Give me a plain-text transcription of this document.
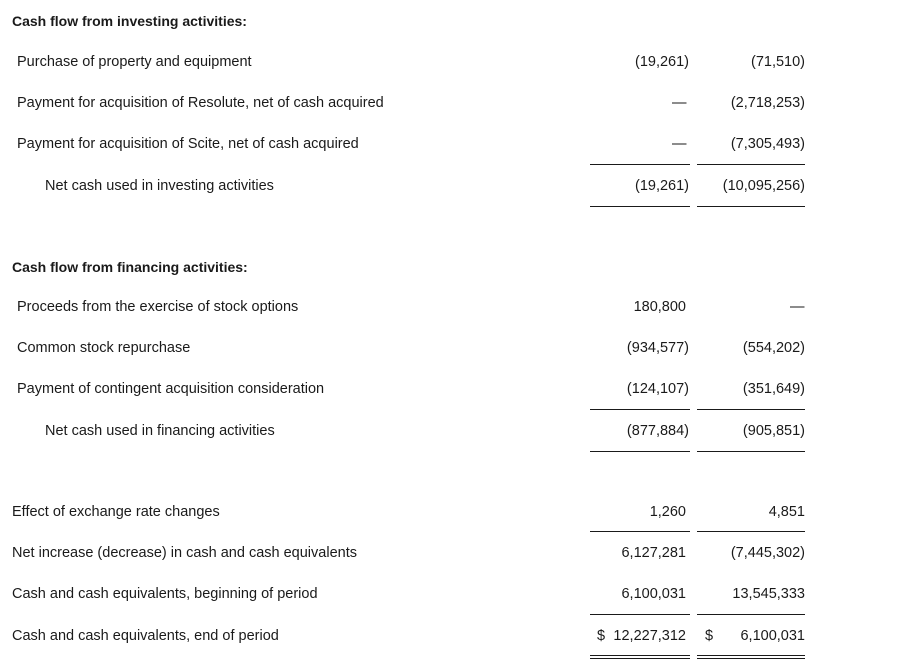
Cash flow from investing activities:
Purchase of property and equipment	(19,261)	(71,510)
Payment for acquisition of Resolute, net of cash acquired	—	(2,718,253)
Payment for acquisition of Scite, net of cash acquired	—	(7,305,493)
Net cash used in investing activities	(19,261) (10,095,256)
Cash flow from financing activities:
Proceeds from the exercise of stock options	180,800	—
Common stock repurchase	(934,577)	(554,202)
Payment of contingent acquisition consideration	(124,107)	(351,649)
Net cash used in financing activities	(877,884)	(905,851)
Effect of exchange rate changes	1,260	4,851
Net increase (decrease) in cash and cash equivalents	6,127,281	(7,445,302)
Cash and cash equivalents, beginning of period	6,100,031	13,545,333
Cash and cash equivalents, end of period	$ 12,227,312 $ 6,100,031
